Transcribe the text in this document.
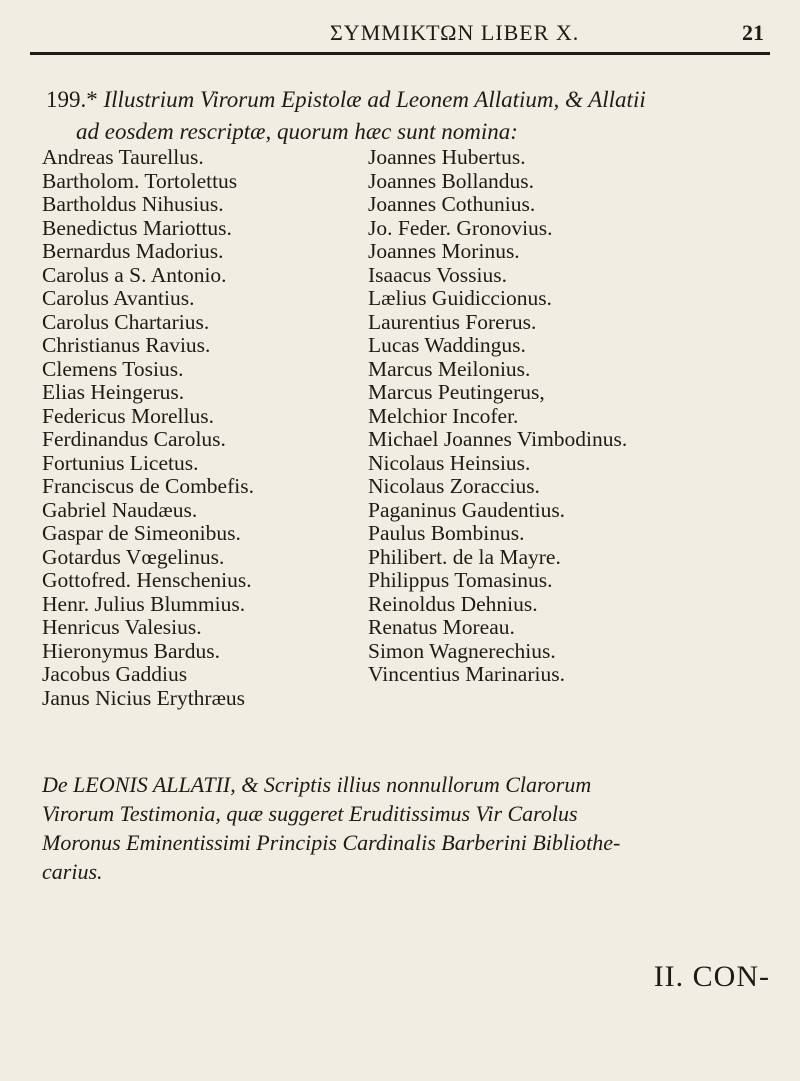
ΣΥΜΜΙΚΤΩΝ LIBER X.	21
199.* Illustrium Virorum Epistolæ ad Leonem Allatium, & Allatii
ad eosdem rescriptæ, quorum hæc sunt nomina:
Andreas Taurellus.
Bartholom. Tortolettus
Bartholdus Nihusius.
Benedictus Mariottus.
Bernardus Madorius.
Carolus a S. Antonio.
Carolus Avantius.
Carolus Chartarius.
Christianus Ravius.
Clemens Tosius.
Elias Heingerus.
Federicus Morellus.
Ferdinandus Carolus.
Fortunius Licetus.
Franciscus de Combefis.
Gabriel Naudæus.
Gaspar de Simeonibus.
Gotardus Vœgelinus.
Gottofred. Henschenius.
Henr. Julius Blummius.
Henricus Valesius.
Hieronymus Bardus.
Jacobus Gaddius
Janus Nicius Erythræus
Joannes Hubertus.
Joannes Bollandus.
Joannes Cothunius.
Jo. Feder. Gronovius.
Joannes Morinus.
Isaacus Vossius.
Lælius Guidiccionus.
Laurentius Forerus.
Lucas Waddingus.
Marcus Meilonius.
Marcus Peutingerus,
Melchior Incofer.
Michael Joannes Vimbodinus.
Nicolaus Heinsius.
Nicolaus Zoraccius.
Paganinus Gaudentius.
Paulus Bombinus.
Philibert. de la Mayre.
Philippus Tomasinus.
Reinoldus Dehnius.
Renatus Moreau.
Simon Wagnerechius.
Vincentius Marinarius.
De LEONIS ALLATII, & Scriptis illius nonnullorum Clarorum
Virorum Testimonia, quæ suggeret Eruditissimus Vir Carolus
Moronus Eminentissimi Principis Cardinalis Barberini Bibliothe-
carius.
II. CON-
